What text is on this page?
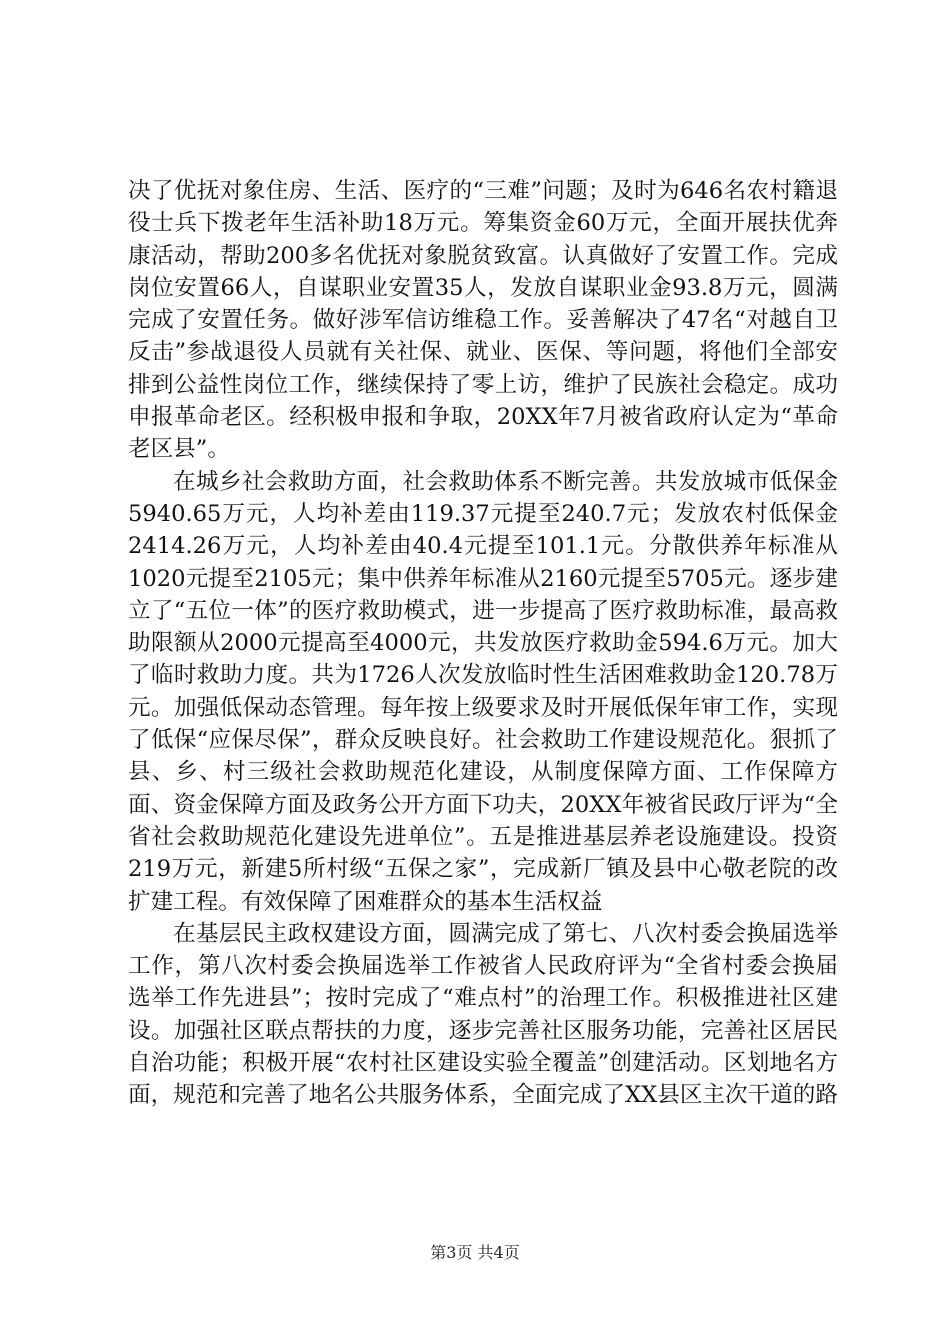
决了优抚对象住房、生活、医疗的“三难”问题；及时为646名农村籍退役士兵下拨老年生活补助18万元。筹集资金60万元，全面开展扶优奔康活动，帮助200多名优抚对象脱贫致富。认真做好了安置工作。完成岗位安置66人，自谋职业安置35人，发放自谋职业金93.8万元，圆满完成了安置任务。做好涉军信访维稳工作。妥善解决了47名“对越自卫反击”参战退役人员就有关社保、就业、医保、等问题，将他们全部安排到公益性岗位工作，继续保持了零上访，维护了民族社会稳定。成功申报革命老区。经积极申报和争取，20XX年7月被省政府认定为“革命老区县”。

在城乡社会救助方面，社会救助体系不断完善。共发放城市低保金5940.65万元，人均补差由119.37元提至240.7元；发放农村低保金2414.26万元，人均补差由40.4元提至101.1元。分散供养年标准从1020元提至2105元；集中供养年标准从2160元提至5705元。逐步建立了“五位一体”的医疗救助模式，进一步提高了医疗救助标准，最高救助限额从2000元提高至4000元，共发放医疗救助金594.6万元。加大了临时救助力度。共为1726人次发放临时性生活困难救助金120.78万元。加强低保动态管理。每年按上级要求及时开展低保年审工作，实现了低保“应保尽保”，群众反映良好。社会救助工作建设规范化。狠抓了县、乡、村三级社会救助规范化建设，从制度保障方面、工作保障方面、资金保障方面及政务公开方面下功夫，20XX年被省民政厅评为“全省社会救助规范化建设先进单位”。五是推进基层养老设施建设。投资219万元，新建5所村级“五保之家”，完成新厂镇及县中心敬老院的改扩建工程。有效保障了困难群众的基本生活权益

在基层民主政权建设方面，圆满完成了第七、八次村委会换届选举工作，第八次村委会换届选举工作被省人民政府评为“全省村委会换届选举工作先进县”；按时完成了“难点村”的治理工作。积极推进社区建设。加强社区联点帮扶的力度，逐步完善社区服务功能，完善社区居民自治功能；积极开展“农村社区建设实验全覆盖”创建活动。区划地名方面，规范和完善了地名公共服务体系，全面完成了XX县区主次干道的路

第3页 共4页
